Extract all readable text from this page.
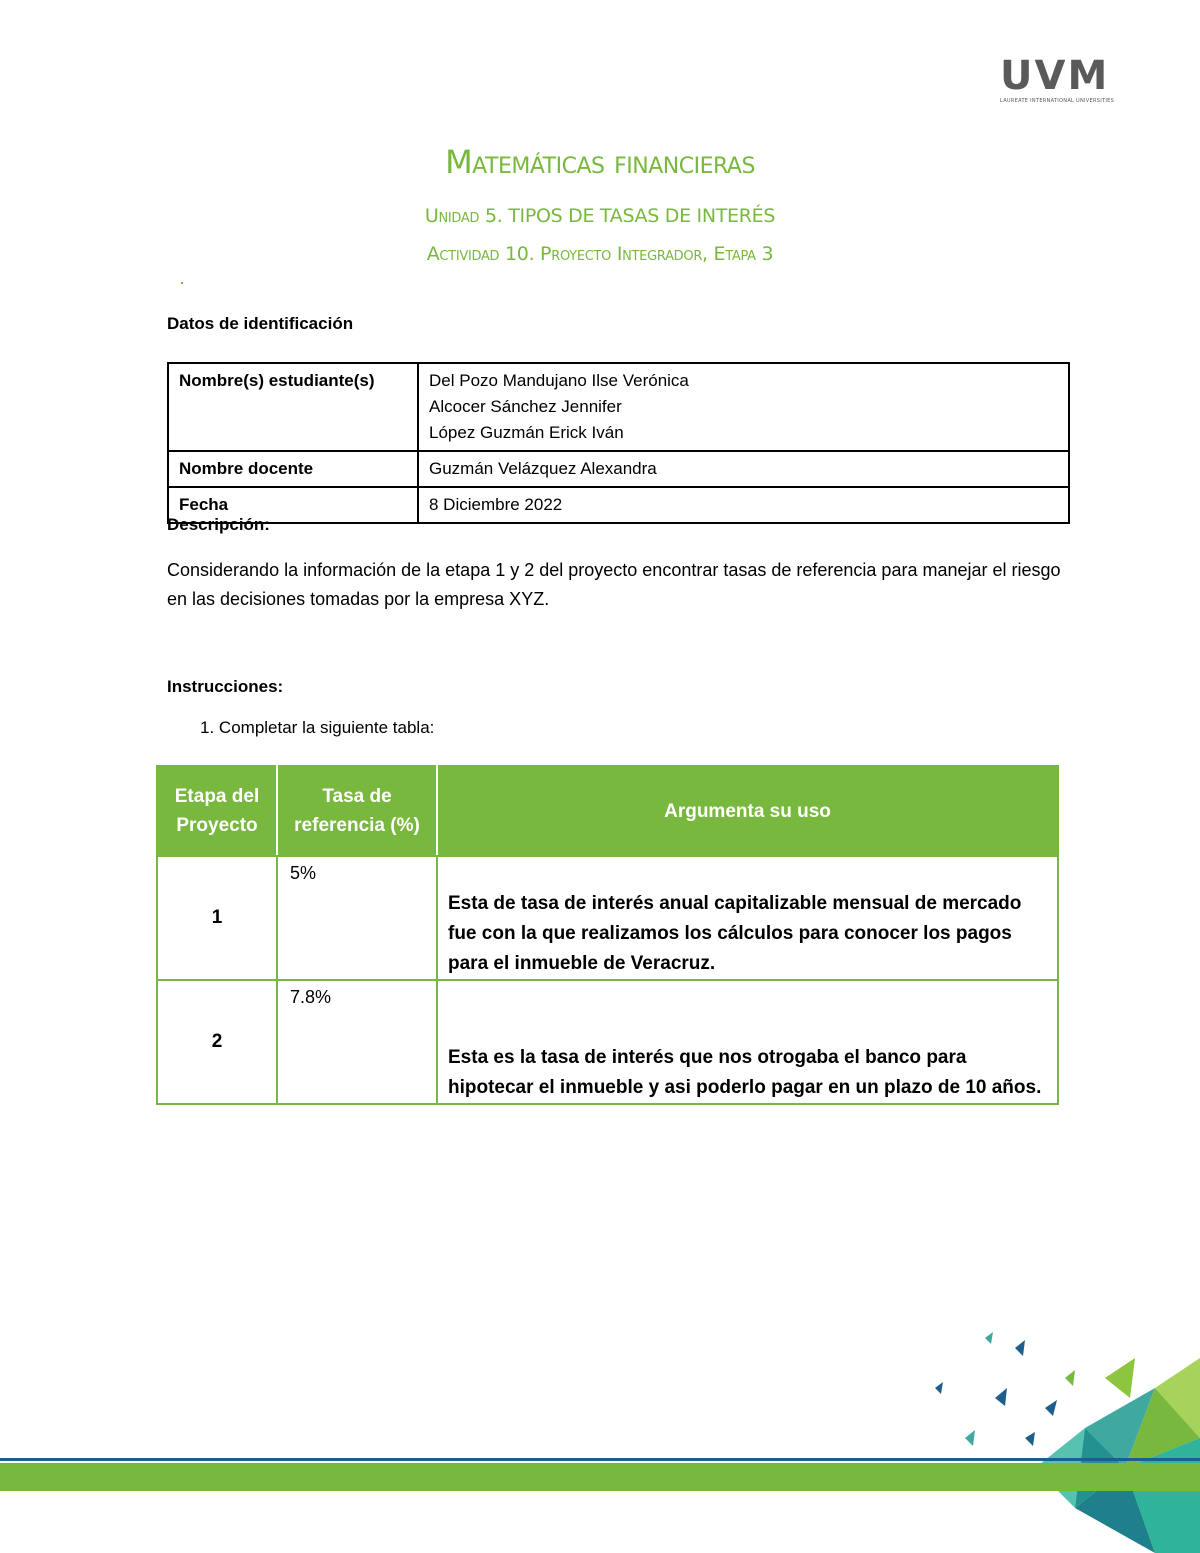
UVM
LAUREATE INTERNATIONAL UNIVERSITIES
Matemáticas financieras
Unidad 5. TIPOS DE TASAS DE INTERÉS
Actividad 10. Proyecto Integrador, Etapa 3
Datos de identificación
Nombre(s) estudiante(s)	Del Pozo Mandujano Ilse Verónica
Alcocer Sánchez Jennifer
López Guzmán Erick Iván

Nombre docente	Guzmán Velázquez Alexandra
Fecha	8 Diciembre 2022
Descripción:
Considerando la información de la etapa 1 y 2 del proyecto encontrar tasas de referencia para manejar el riesgo en las decisiones tomadas por la empresa XYZ.
Instrucciones:
1. Completar la siguiente tabla:
Etapa del Proyecto	Tasa de referencia (%)	Argumenta su uso
1	5%	Esta de tasa de interés anual capitalizable mensual de mercado fue con la que realizamos los cálculos para conocer los pagos para el inmueble de Veracruz.
2	7.8%	Esta es la tasa de interés que nos otrogaba el banco para hipotecar el inmueble y asi poderlo pagar en un plazo de 10 años.
